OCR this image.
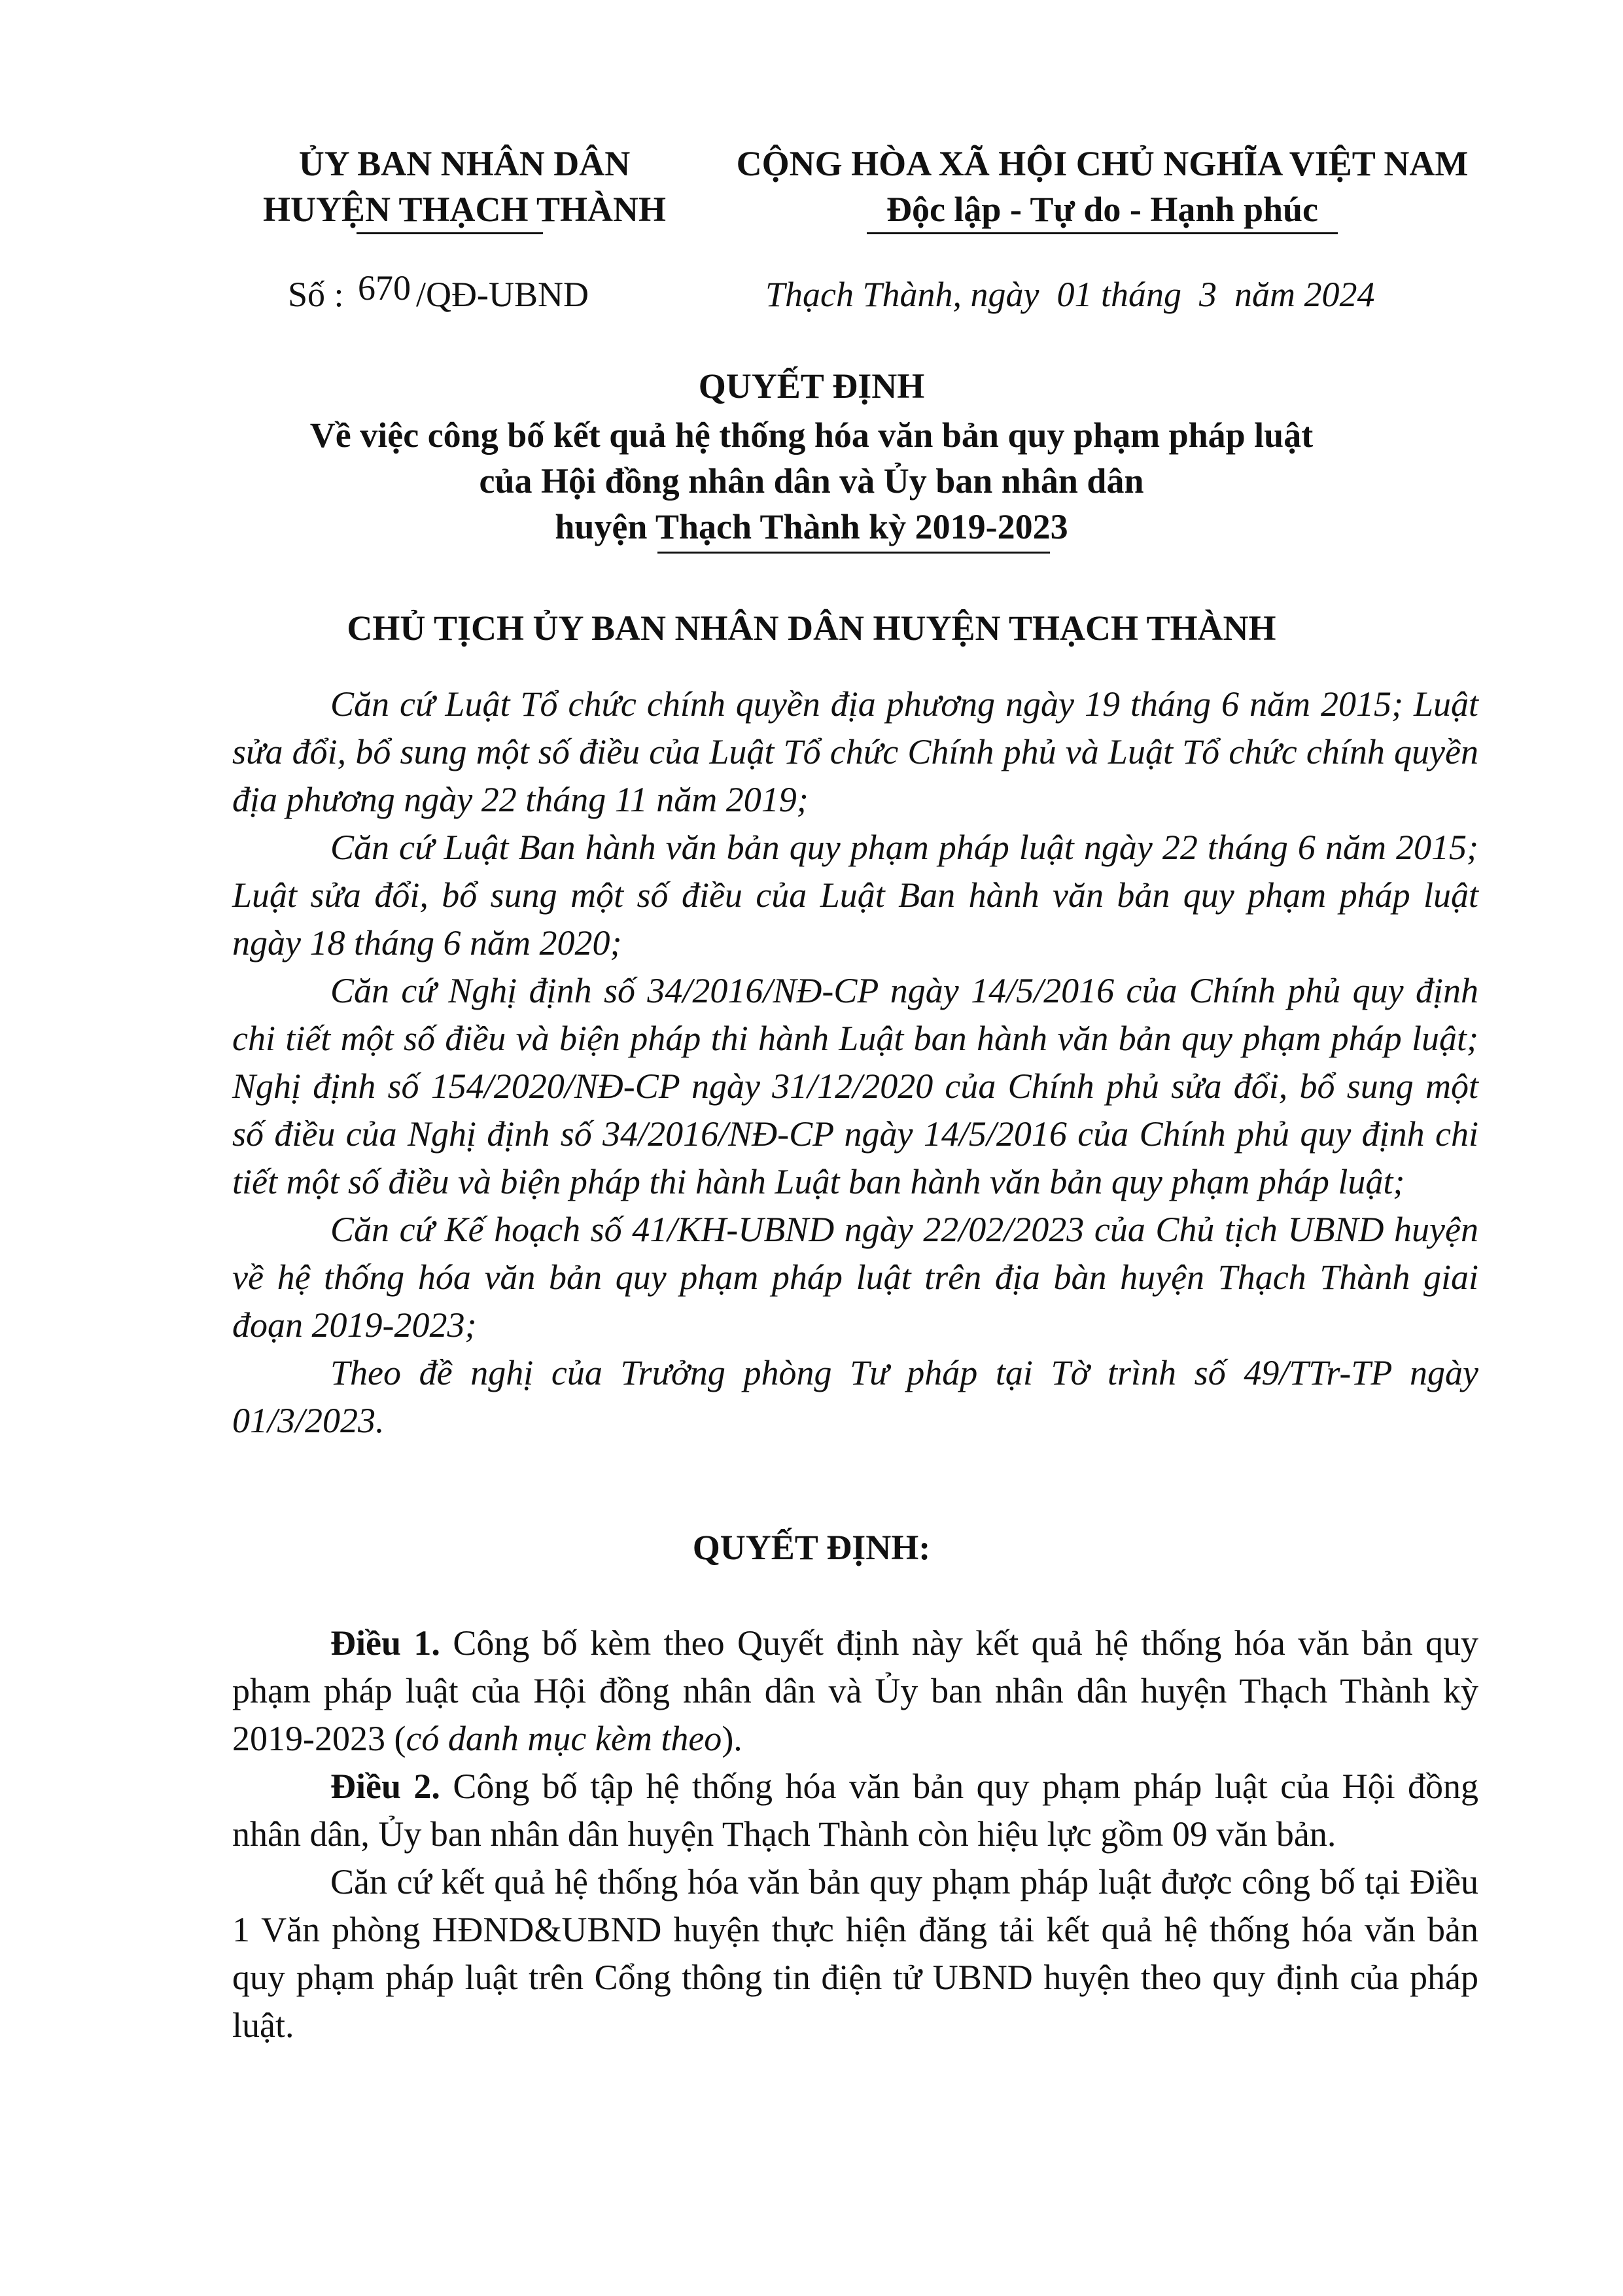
ỦY BAN NHÂN DÂN
HUYỆN THẠCH THÀNH
CỘNG HÒA XÃ HỘI CHỦ NGHĨA VIỆT NAM
Độc lập - Tự do - Hạnh phúc
Số : 670 /QĐ-UBND	Thạch Thành, ngày  01 tháng  3  năm 2024
QUYẾT ĐỊNH
Về việc công bố kết quả hệ thống hóa văn bản quy phạm pháp luật
của Hội đồng nhân dân và Ủy ban nhân dân
huyện Thạch Thành kỳ 2019-2023
CHỦ TỊCH ỦY BAN NHÂN DÂN HUYỆN THẠCH THÀNH

Căn cứ Luật Tổ chức chính quyền địa phương ngày 19 tháng 6 năm 2015; Luật sửa đổi, bổ sung một số điều của Luật Tổ chức Chính phủ và Luật Tổ chức chính quyền địa phương ngày 22 tháng 11 năm 2019;

Căn cứ Luật Ban hành văn bản quy phạm pháp luật ngày 22 tháng 6 năm 2015; Luật sửa đổi, bổ sung một số điều của Luật Ban hành văn bản quy phạm pháp luật ngày 18 tháng 6 năm 2020;

Căn cứ Nghị định số 34/2016/NĐ-CP ngày 14/5/2016 của Chính phủ quy định chi tiết một số điều và biện pháp thi hành Luật ban hành văn bản quy phạm pháp luật; Nghị định số 154/2020/NĐ-CP ngày 31/12/2020 của Chính phủ sửa đổi, bổ sung một số điều của Nghị định số 34/2016/NĐ-CP ngày 14/5/2016 của Chính phủ quy định chi tiết một số điều và biện pháp thi hành Luật ban hành văn bản quy phạm pháp luật;

Căn cứ Kế hoạch số 41/KH-UBND ngày 22/02/2023 của Chủ tịch UBND huyện về hệ thống hóa văn bản quy phạm pháp luật trên địa bàn huyện Thạch Thành giai đoạn 2019-2023;

Theo đề nghị của Trưởng phòng Tư pháp tại Tờ trình số 49/TTr-TP ngày 01/3/2023.

QUYẾT ĐỊNH:

Điều 1. Công bố kèm theo Quyết định này kết quả hệ thống hóa văn bản quy phạm pháp luật của Hội đồng nhân dân và Ủy ban nhân dân huyện Thạch Thành kỳ 2019-2023 (có danh mục kèm theo).

Điều 2. Công bố tập hệ thống hóa văn bản quy phạm pháp luật của Hội đồng nhân dân, Ủy ban nhân dân huyện Thạch Thành còn hiệu lực gồm 09 văn bản.

Căn cứ kết quả hệ thống hóa văn bản quy phạm pháp luật được công bố tại Điều 1 Văn phòng HĐND&UBND huyện thực hiện đăng tải kết quả hệ thống hóa văn bản quy phạm pháp luật trên Cổng thông tin điện tử UBND huyện theo quy định của pháp luật.
